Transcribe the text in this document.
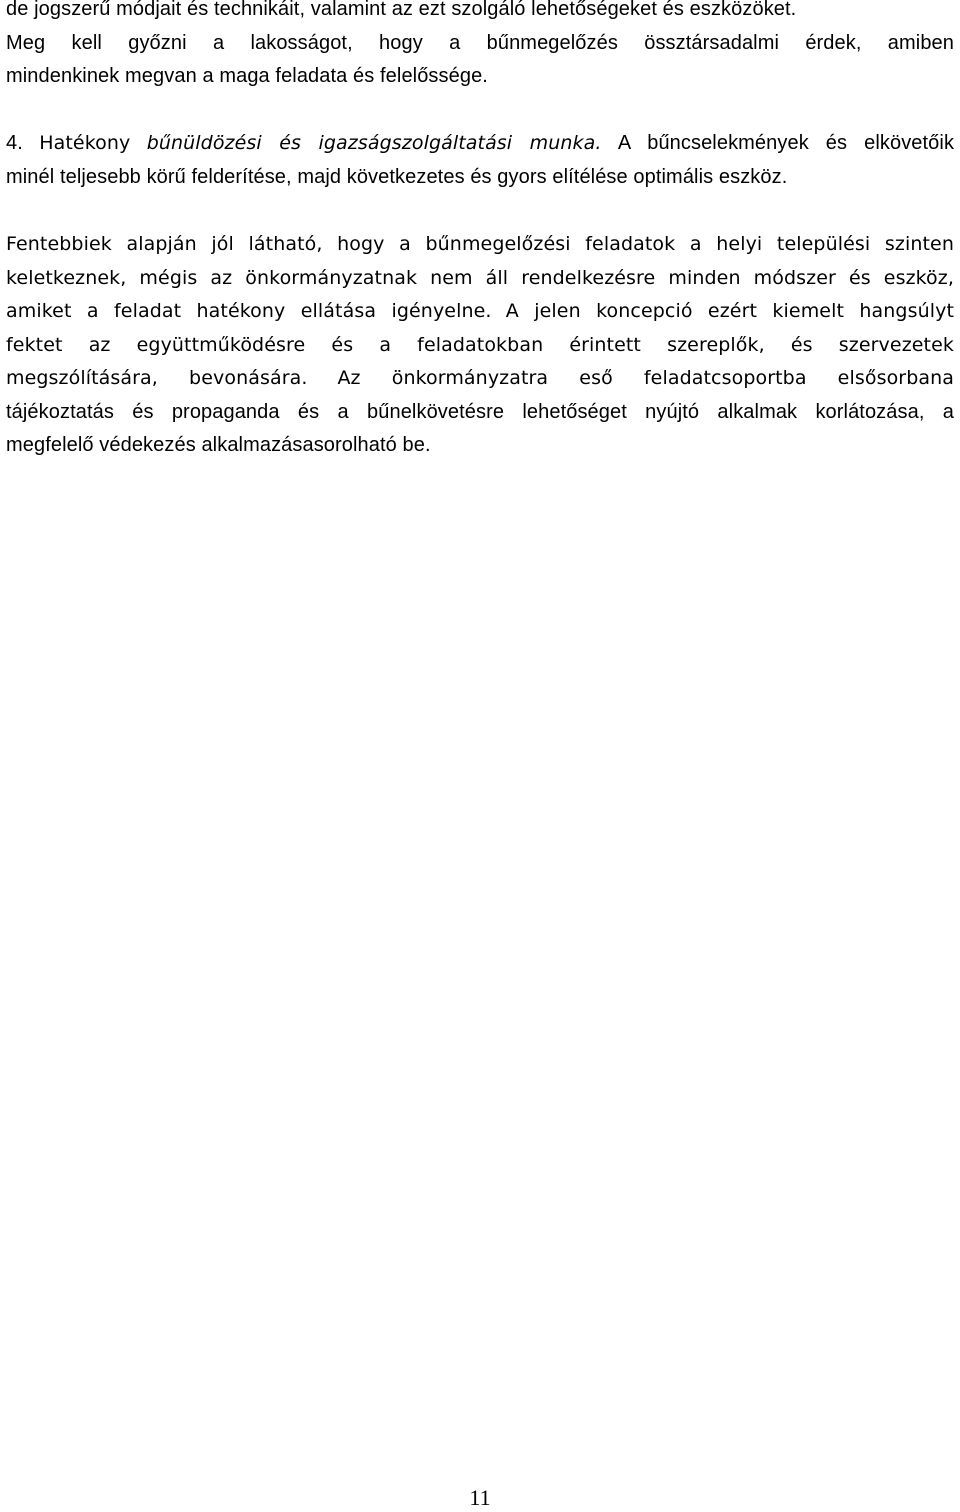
de jogszerű módjait és technikáit, valamint az ezt szolgáló lehetőségeket és eszközöket.
Meg kell győzni a lakosságot, hogy a bűnmegelőzés össztársadalmi érdek, amiben
mindenkinek megvan a maga feladata és felelőssége.
4. Hatékony bűnüldözési és igazságszolgáltatási munka. A bűncselekmények és elkövetőik
minél teljesebb körű felderítése, majd következetes és gyors elítélése optimális eszköz.
Fentebbiek alapján jól látható, hogy a bűnmegelőzési feladatok a helyi települési szinten
keletkeznek, mégis az önkormányzatnak nem áll rendelkezésre minden módszer és eszköz,
amiket a feladat hatékony ellátása igényelne. A jelen koncepció ezért kiemelt hangsúlyt
fektet az együttműködésre és a feladatokban érintett szereplők, és szervezetek
megszólítására, bevonására. Az önkormányzatra eső feladatcsoportba elsősorbana
tájékoztatás és propaganda és a bűnelkövetésre lehetőséget nyújtó alkalmak korlátozása, a
megfelelő védekezés alkalmazásasorolható be.
11
